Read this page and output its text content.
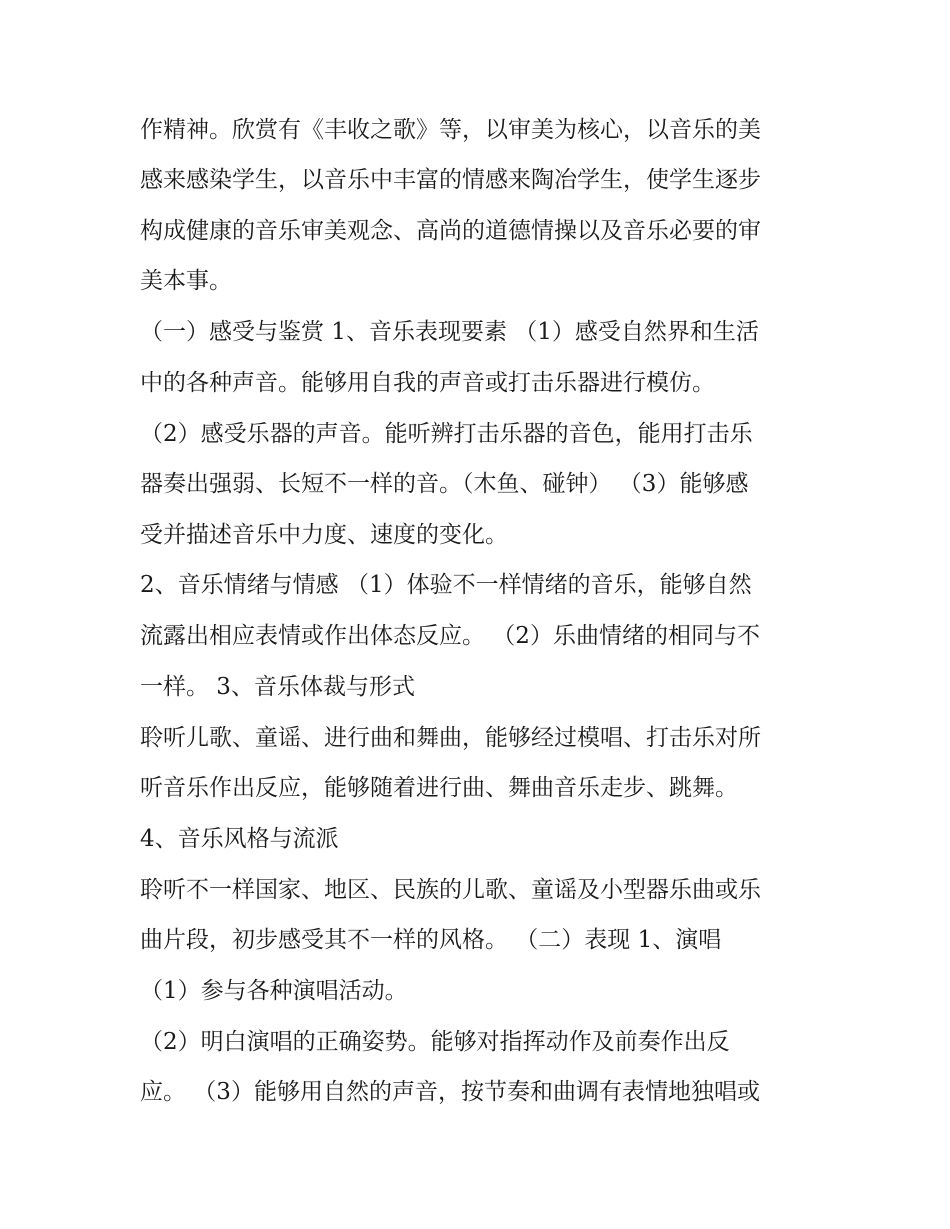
作精神。欣赏有《丰收之歌》等，以审美为核心，以音乐的美
感来感染学生，以音乐中丰富的情感来陶冶学生，使学生逐步
构成健康的音乐审美观念、高尚的道德情操以及音乐必要的审
美本事。
（一）感受与鉴赏 1、音乐表现要素 （1）感受自然界和生活
中的各种声音。能够用自我的声音或打击乐器进行模仿。
（2）感受乐器的声音。能听辨打击乐器的音色，能用打击乐
器奏出强弱、长短不一样的音。（木鱼、碰钟） （3）能够感
受并描述音乐中力度、速度的变化。
2、音乐情绪与情感 （1）体验不一样情绪的音乐，能够自然
流露出相应表情或作出体态反应。 （2）乐曲情绪的相同与不
一样。 3、音乐体裁与形式
聆听儿歌、童谣、进行曲和舞曲，能够经过模唱、打击乐对所
听音乐作出反应，能够随着进行曲、舞曲音乐走步、跳舞。
4、音乐风格与流派
聆听不一样国家、地区、民族的儿歌、童谣及小型器乐曲或乐
曲片段，初步感受其不一样的风格。 （二）表现 1、演唱
（1）参与各种演唱活动。
（2）明白演唱的正确姿势。能够对指挥动作及前奏作出反
应。 （3）能够用自然的声音，按节奏和曲调有表情地独唱或
